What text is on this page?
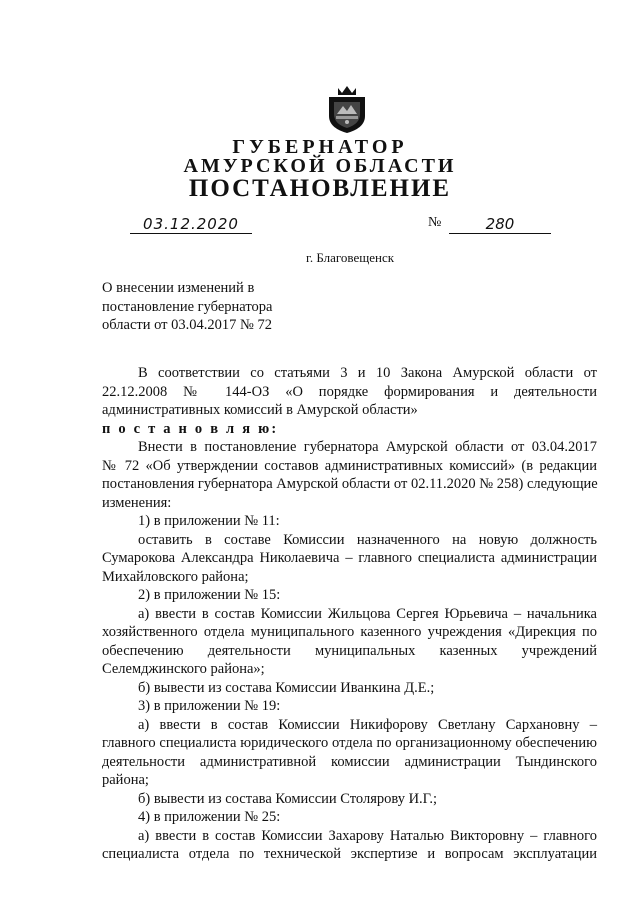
ГУБЕРНАТОР
АМУРСКОЙ ОБЛАСТИ
ПОСТАНОВЛЕНИЕ
03.12.2020	№	280
г. Благовещенск
О внесении изменений в
постановление губернатора
области от 03.04.2017 № 72
В соответствии со статьями 3 и 10 Закона Амурской области от
22.12.2008 № 144-ОЗ «О порядке формирования и деятельности
административных комиссий в Амурской области»
п о с т а н о в л я ю:
Внести в постановление губернатора Амурской области от 03.04.2017
№ 72 «Об утверждении составов административных комиссий» (в редакции
постановления губернатора Амурской области от 02.11.2020 № 258) следующие
изменения:
1) в приложении № 11:
оставить в составе Комиссии назначенного на новую должность
Сумарокова Александра Николаевича – главного специалиста администрации
Михайловского района;
2) в приложении № 15:
а) ввести в состав Комиссии Жильцова Сергея Юрьевича – начальника
хозяйственного отдела муниципального казенного учреждения «Дирекция по
обеспечению деятельности муниципальных казенных учреждений
Селемджинского района»;
б) вывести из состава Комиссии Иванкина Д.Е.;
3) в приложении № 19:
а) ввести в состав Комиссии Никифорову Светлану Сархановну –
главного специалиста юридического отдела по организационному обеспечению
деятельности административной комиссии администрации Тындинского
района;
б) вывести из состава Комиссии Столярову И.Г.;
4) в приложении № 25:
а) ввести в состав Комиссии Захарову Наталью Викторовну – главного
специалиста отдела по технической экспертизе и вопросам эксплуатации
